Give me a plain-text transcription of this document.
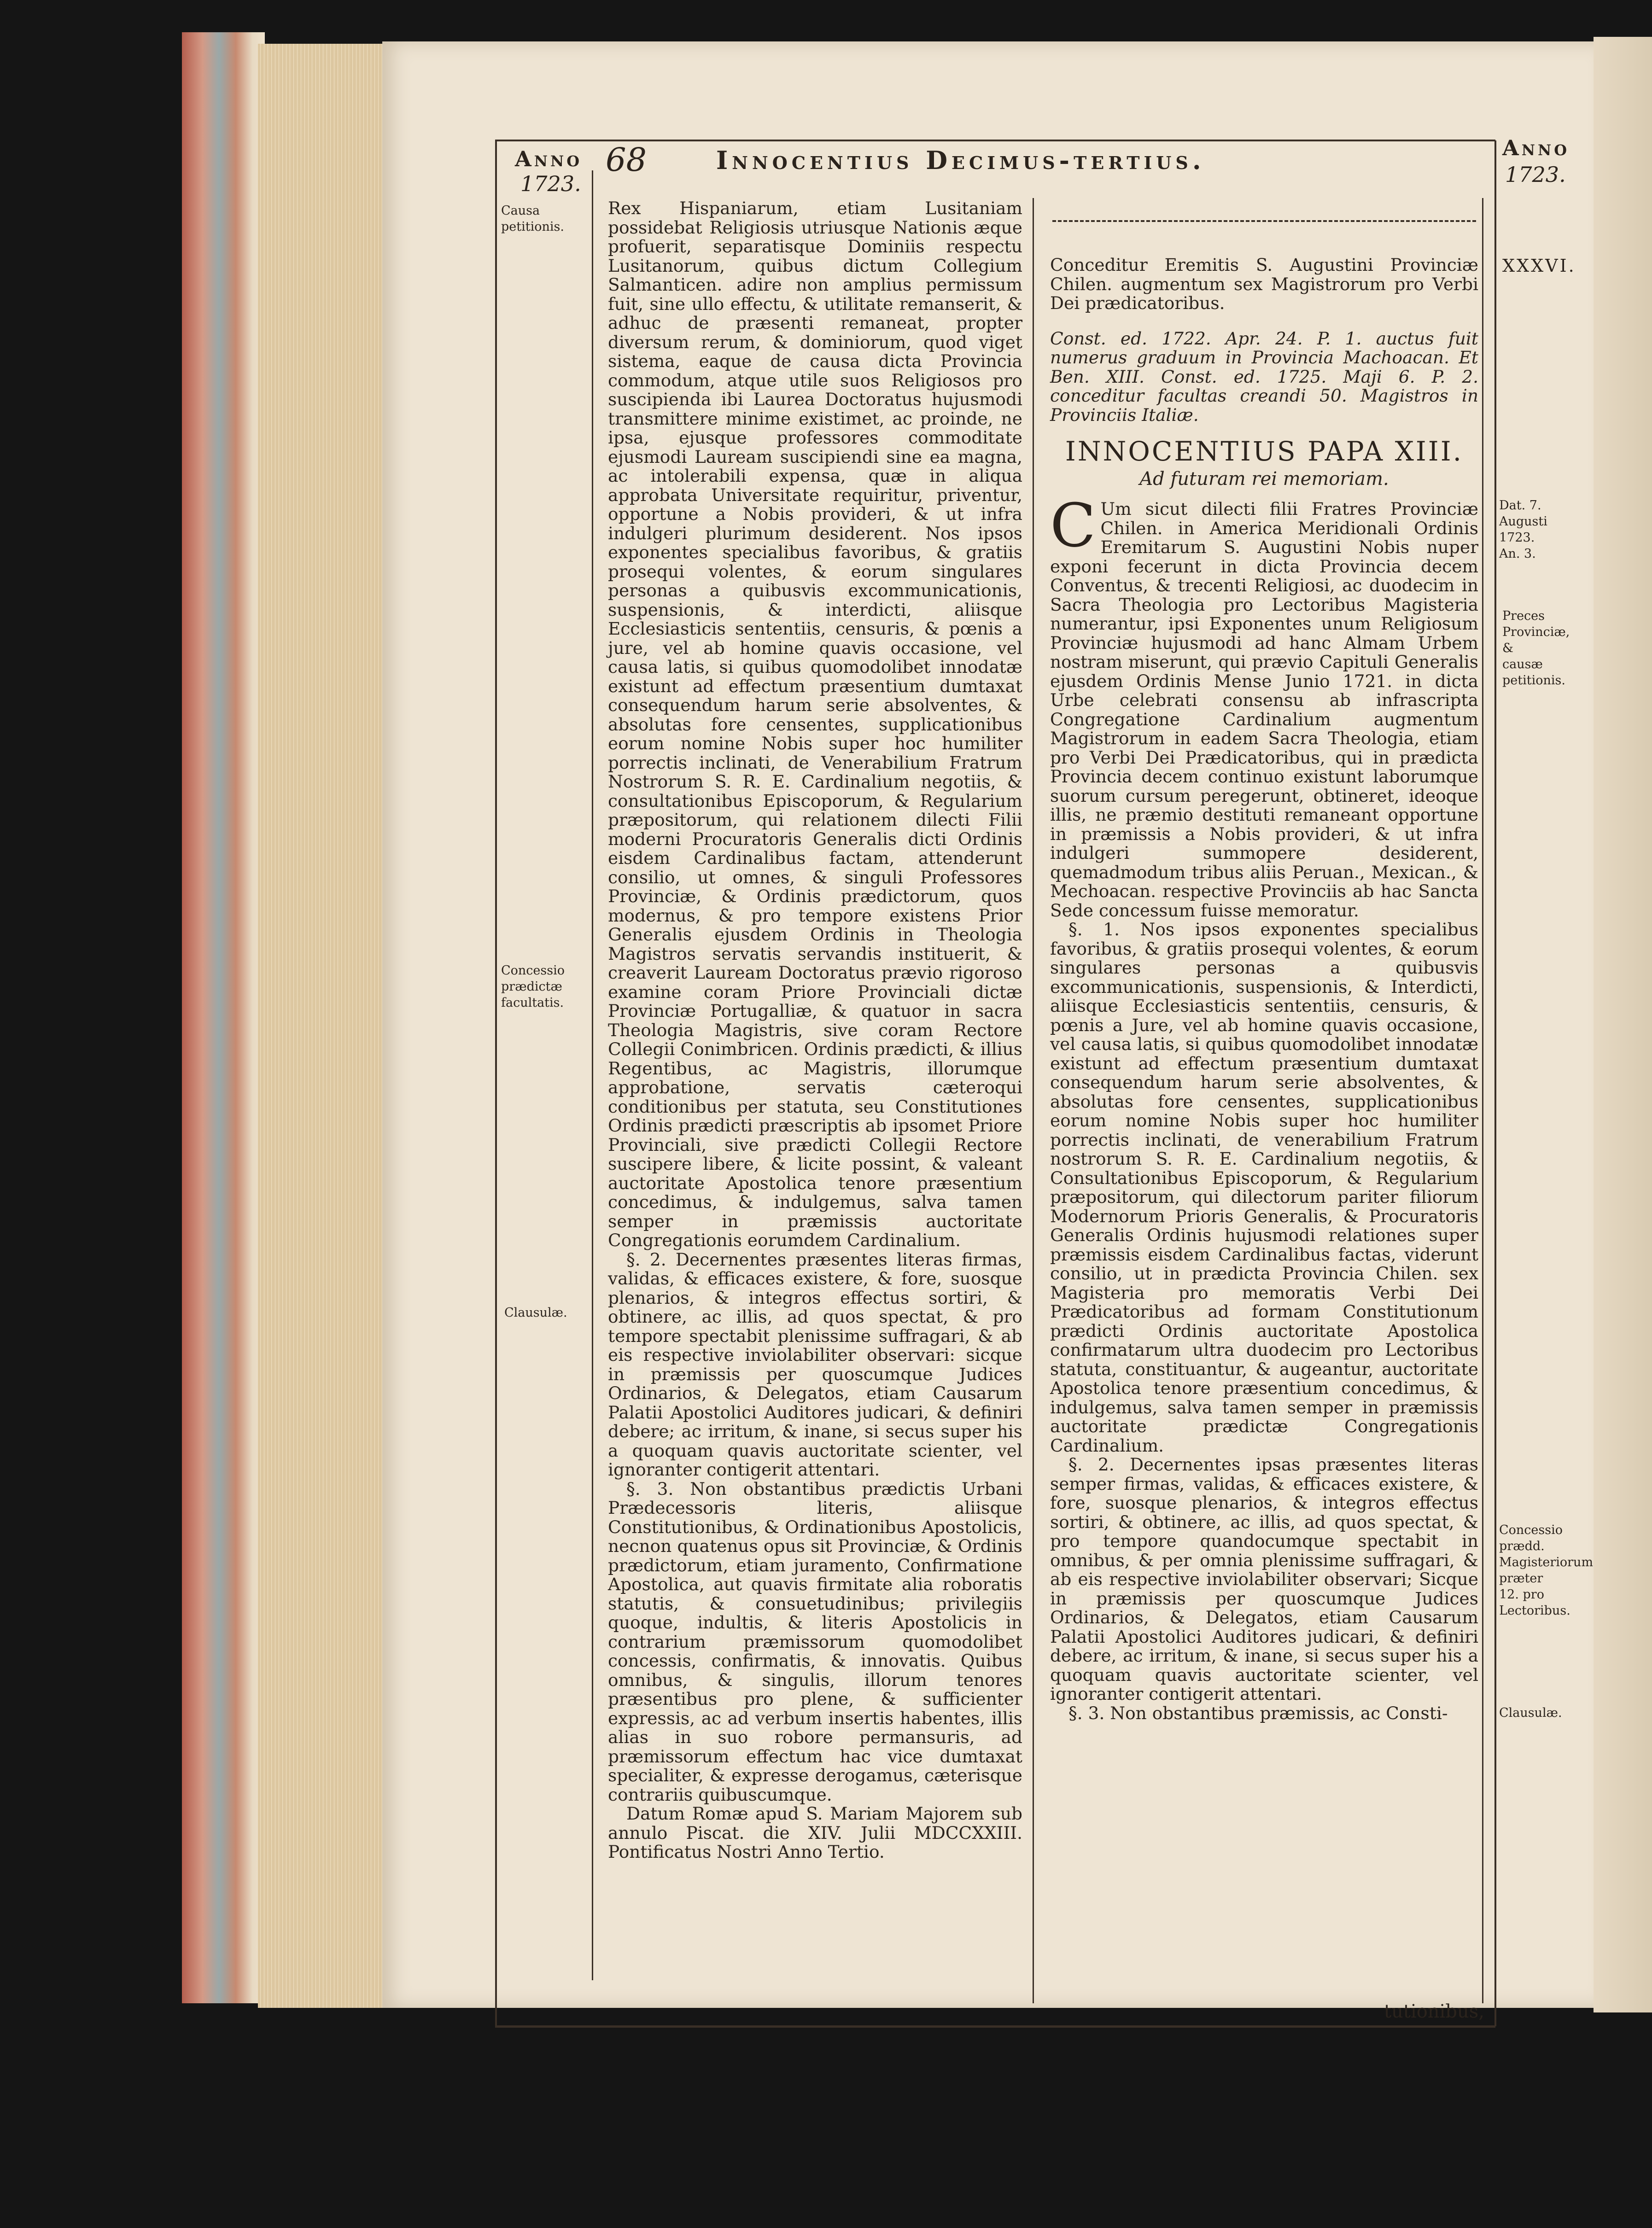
Anno
1723.
68	Innocentius Decimus-tertius.	Anno
1723.
Causa petitionis.
Concessio prædictæ facultatis.
Clausulæ.
XXXVI.
Dat. 7. Augusti 1723. An. 3.
Preces Provinciæ, & causæ petitionis.
Concessio prædd. Magisteriorum præter 12. pro Lectoribus.
Clausulæ.

Rex Hispaniarum, etiam Lusitaniam possidebat Religiosis utriusque Nationis æque profuerit, separatisque Dominiis respectu Lusitanorum, quibus dictum Collegium Salmanticen. adire non amplius permissum fuit, sine ullo effectu, & utilitate remanserit, & adhuc de præsenti remaneat, propter diversum rerum, & dominiorum, quod viget sistema, eaque de causa dicta Provincia commodum, atque utile suos Religiosos pro suscipienda ibi Laurea Doctoratus hujusmodi transmittere minime existimet, ac proinde, ne ipsa, ejusque professores commoditate ejusmodi Lauream suscipiendi sine ea magna, ac intolerabili expensa, quæ in aliqua approbata Universitate requiritur, priventur, opportune a Nobis provideri, & ut infra indulgeri plurimum desiderent. Nos ipsos exponentes specialibus favoribus, & gratiis prosequi volentes, & eorum singulares personas a quibusvis excommunicationis, suspensionis, & interdicti, aliisque Ecclesiasticis sententiis, censuris, & pœnis a jure, vel ab homine quavis occasione, vel causa latis, si quibus quomodolibet innodatæ existunt ad effectum præsentium dumtaxat consequendum harum serie absolventes, & absolutas fore censentes, supplicationibus eorum nomine Nobis super hoc humiliter porrectis inclinati, de Venerabilium Fratrum Nostrorum S. R. E. Cardinalium negotiis, & consultationibus Episcoporum, & Regularium præpositorum, qui relationem dilecti Filii moderni Procuratoris Generalis dicti Ordinis eisdem Cardinalibus factam, attenderunt consilio, ut omnes, & singuli Professores Provinciæ, & Ordinis prædictorum, quos modernus, & pro tempore existens Prior Generalis ejusdem Ordinis in Theologia Magistros servatis servandis instituerit, & creaverit Lauream Doctoratus prævio rigoroso examine coram Priore Provinciali dictæ Provinciæ Portugalliæ, & quatuor in sacra Theologia Magistris, sive coram Rectore Collegii Conimbricen. Ordinis prædicti, & illius Regentibus, ac Magistris, illorumque approbatione, servatis cæteroqui conditionibus per statuta, seu Constitutiones Ordinis prædicti præscriptis ab ipsomet Priore Provinciali, sive prædicti Collegii Rectore suscipere libere, & licite possint, & valeant auctoritate Apostolica tenore præsentium concedimus, & indulgemus, salva tamen semper in præmissis auctoritate Congregationis eorumdem Cardinalium.

§. 2. Decernentes præsentes literas firmas, validas, & efficaces existere, & fore, suosque plenarios, & integros effectus sortiri, & obtinere, ac illis, ad quos spectat, & pro tempore spectabit plenissime suffragari, & ab eis respective inviolabiliter observari: sicque in præmissis per quoscumque Judices Ordinarios, & Delegatos, etiam Causarum Palatii Apostolici Auditores judicari, & definiri debere; ac irritum, & inane, si secus super his a quoquam quavis auctoritate scienter, vel ignoranter contigerit attentari.

§. 3. Non obstantibus prædictis Urbani Prædecessoris literis, aliisque Constitutionibus, & Ordinationibus Apostolicis, necnon quatenus opus sit Provinciæ, & Ordinis prædictorum, etiam juramento, Confirmatione Apostolica, aut quavis firmitate alia roboratis statutis, & consuetudinibus; privilegiis quoque, indultis, & literis Apostolicis in contrarium præmissorum quomodolibet concessis, confirmatis, & innovatis. Quibus omnibus, & singulis, illorum tenores præsentibus pro plene, & sufficienter expressis, ac ad verbum insertis habentes, illis alias in suo robore permansuris, ad præmissorum effectum hac vice dumtaxat specialiter, & expresse derogamus, cæterisque contrariis quibuscumque.

Datum Romæ apud S. Mariam Majorem sub annulo Piscat. die XIV. Julii MDCCXXIII. Pontificatus Nostri Anno Tertio.

Conceditur Eremitis S. Augustini Provinciæ Chilen. augmentum sex Magistrorum pro Verbi Dei prædicatoribus.

Const. ed. 1722. Apr. 24. P. 1. auctus fuit numerus graduum in Provincia Machoacan. Et Ben. XIII. Const. ed. 1725. Maji 6. P. 2. conceditur facultas creandi 50. Magistros in Provinciis Italiæ.

INNOCENTIUS PAPA XIII.

Ad futuram rei memoriam.

C Um sicut dilecti filii Fratres Provinciæ Chilen. in America Meridionali Ordinis Eremitarum S. Augustini Nobis nuper exponi fecerunt in dicta Provincia decem Conventus, & trecenti Religiosi, ac duodecim in Sacra Theologia pro Lectoribus Magisteria numerantur, ipsi Exponentes unum Religiosum Provinciæ hujusmodi ad hanc Almam Urbem nostram miserunt, qui prævio Capituli Generalis ejusdem Ordinis Mense Junio 1721. in dicta Urbe celebrati consensu ab infrascripta Congregatione Cardinalium augmentum Magistrorum in eadem Sacra Theologia, etiam pro Verbi Dei Prædicatoribus, qui in prædicta Provincia decem continuo existunt laborumque suorum cursum peregerunt, obtineret, ideoque illis, ne præmio destituti remaneant opportune in præmissis a Nobis provideri, & ut infra indulgeri summopere desiderent, quemadmodum tribus aliis Peruan., Mexican., & Mechoacan. respective Provinciis ab hac Sancta Sede concessum fuisse memoratur.

§. 1. Nos ipsos exponentes specialibus favoribus, & gratiis prosequi volentes, & eorum singulares personas a quibusvis excommunicationis, suspensionis, & Interdicti, aliisque Ecclesiasticis sententiis, censuris, & pœnis a Jure, vel ab homine quavis occasione, vel causa latis, si quibus quomodolibet innodatæ existunt ad effectum præsentium dumtaxat consequendum harum serie absolventes, & absolutas fore censentes, supplicationibus eorum nomine Nobis super hoc humiliter porrectis inclinati, de venerabilium Fratrum nostrorum S. R. E. Cardinalium negotiis, & Consultationibus Episcoporum, & Regularium præpositorum, qui dilectorum pariter filiorum Modernorum Prioris Generalis, & Procuratoris Generalis Ordinis hujusmodi relationes super præmissis eisdem Cardinalibus factas, viderunt consilio, ut in prædicta Provincia Chilen. sex Magisteria pro memoratis Verbi Dei Prædicatoribus ad formam Constitutionum prædicti Ordinis auctoritate Apostolica confirmatarum ultra duodecim pro Lectoribus statuta, constituantur, & augeantur, auctoritate Apostolica tenore præsentium concedimus, & indulgemus, salva tamen semper in præmissis auctoritate prædictæ Congregationis Cardinalium.

§. 2. Decernentes ipsas præsentes literas semper firmas, validas, & efficaces existere, & fore, suosque plenarios, & integros effectus sortiri, & obtinere, ac illis, ad quos spectat, & pro tempore quandocumque spectabit in omnibus, & per omnia plenissime suffragari, & ab eis respective inviolabiliter observari; Sicque in præmissis per quoscumque Judices Ordinarios, & Delegatos, etiam Causarum Palatii Apostolici Auditores judicari, & definiri debere, ac irritum, & inane, si secus super his a quoquam quavis auctoritate scienter, vel ignoranter contigerit attentari.

§. 3. Non obstantibus præmissis, ac Consti-

tutionibus,
